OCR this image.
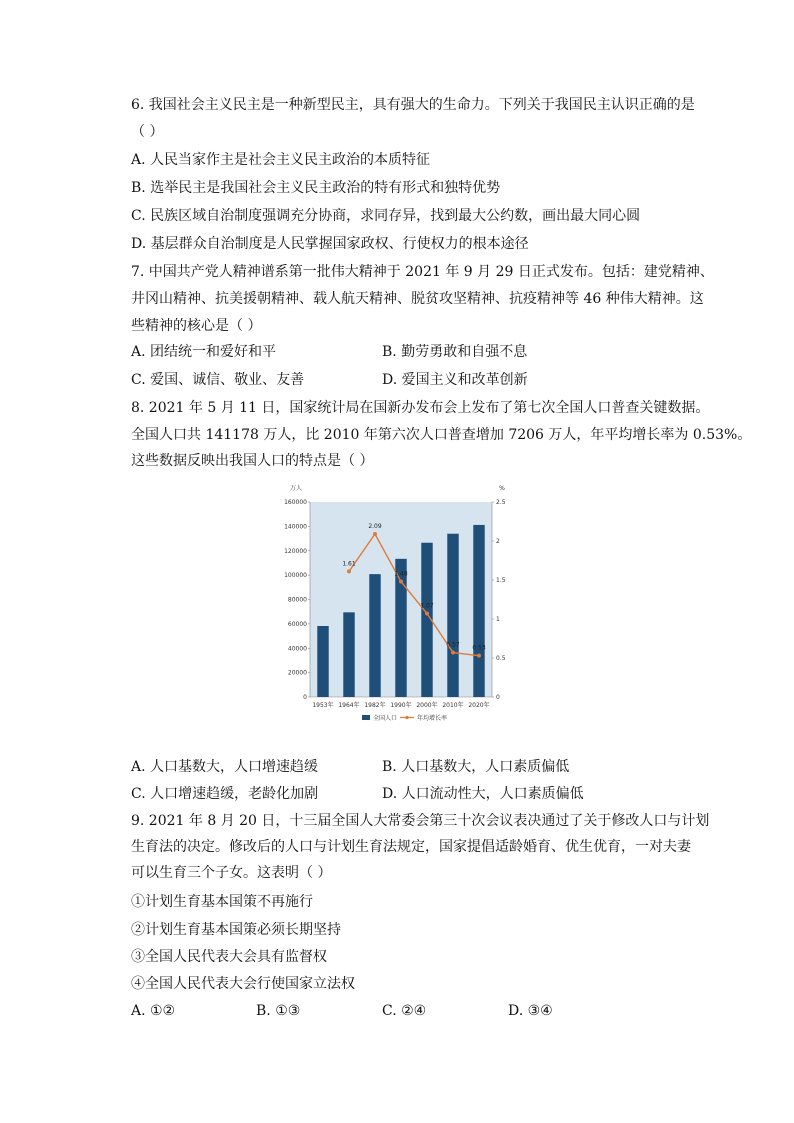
6. 我国社会主义民主是一种新型民主，具有强大的生命力。下列关于我国民主认识正确的是
（ ）
A. 人民当家作主是社会主义民主政治的本质特征
B. 选举民主是我国社会主义民主政治的特有形式和独特优势
C. 民族区域自治制度强调充分协商，求同存异，找到最大公约数，画出最大同心圆
D. 基层群众自治制度是人民掌握国家政权、行使权力的根本途径
7. 中国共产党人精神谱系第一批伟大精神于 2021 年 9 月 29 日正式发布。包括：建党精神、
井冈山精神、抗美援朝精神、载人航天精神、脱贫攻坚精神、抗疫精神等 46 种伟大精神。这
些精神的核心是（ ）
A. 团结统一和爱好和平	B. 勤劳勇敢和自强不息
C. 爱国、诚信、敬业、友善	D. 爱国主义和改革创新
8. 2021 年 5 月 11 日，国家统计局在国新办发布会上发布了第七次全国人口普查关键数据。
全国人口共 141178 万人，比 2010 年第六次人口普查增加 7206 万人，年平均增长率为 0.53%。
这些数据反映出我国人口的特点是（ ）
万人	%
160000
140000
120000
100000
80000
60000
40000
20000
0
2.5
2
1.5
1
0.5
0
1953年 1964年 1982年 1990年 2000年 2010年 2020年
1.61
2.09
1.48
1.07
0.57 0.53
全国人口	年均增长率
A. 人口基数大，人口增速趋缓	B. 人口基数大，人口素质偏低
C. 人口增速趋缓，老龄化加剧	D. 人口流动性大，人口素质偏低
9. 2021 年 8 月 20 日，十三届全国人大常委会第三十次会议表决通过了关于修改人口与计划
生育法的决定。修改后的人口与计划生育法规定，国家提倡适龄婚育、优生优育，一对夫妻
可以生育三个子女。这表明（ ）
①计划生育基本国策不再施行
②计划生育基本国策必须长期坚持
③全国人民代表大会具有监督权
④全国人民代表大会行使国家立法权
A. ①②	B. ①③	C. ②④	D. ③④
